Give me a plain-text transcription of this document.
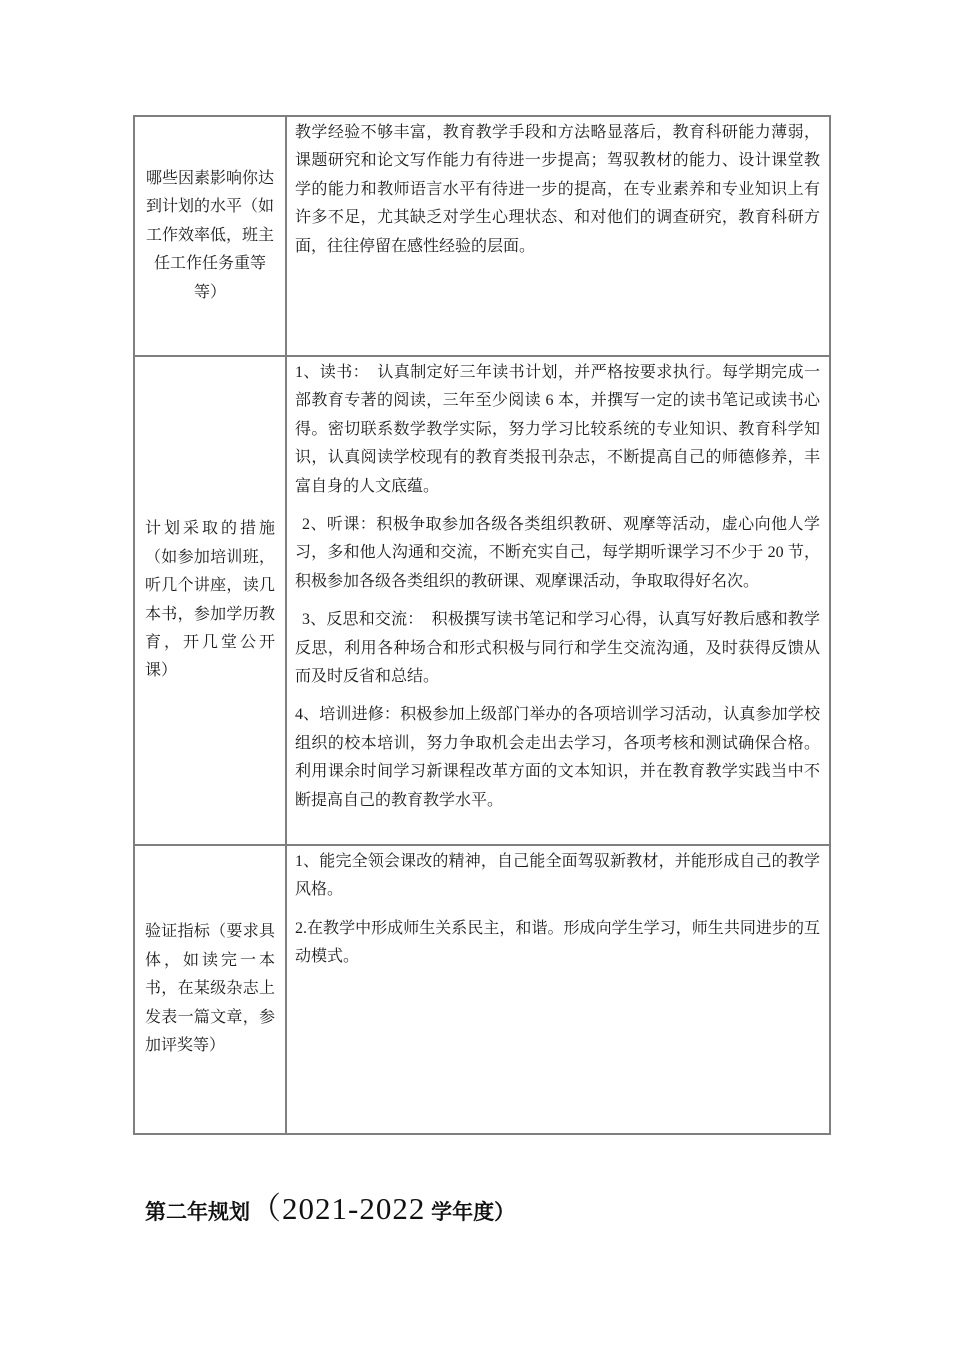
哪些因素影响你达到计划的水平（如工作效率低，班主任工作任务重等等）	教学经验不够丰富，教育教学手段和方法略显落后，教育科研能力薄弱，课题研究和论文写作能力有待进一步提高；驾驭教材的能力、设计课堂教学的能力和教师语言水平有待进一步的提高，在专业素养和专业知识上有许多不足，尤其缺乏对学生心理状态、和对他们的调查研究，教育科研方面，往往停留在感性经验的层面。

计划采取的措施（如参加培训班，听几个讲座，读几本书，参加学历教育，开几堂公开课）	1、读书：　认真制定好三年读书计划，并严格按要求执行。每学期完成一部教育专著的阅读，三年至少阅读 6 本，并撰写一定的读书笔记或读书心得。密切联系数学教学实际，努力学习比较系统的专业知识、教育科学知识，认真阅读学校现有的教育类报刊杂志，不断提高自己的师德修养，丰富自身的人文底蕴。

2、听课：积极争取参加各级各类组织教研、观摩等活动，虚心向他人学习，多和他人沟通和交流，不断充实自己，每学期听课学习不少于 20 节，积极参加各级各类组织的教研课、观摩课活动，争取取得好名次。

3、反思和交流：　积极撰写读书笔记和学习心得，认真写好教后感和教学反思，利用各种场合和形式积极与同行和学生交流沟通，及时获得反馈从而及时反省和总结。

4、培训进修：积极参加上级部门举办的各项培训学习活动，认真参加学校组织的校本培训，努力争取机会走出去学习，各项考核和测试确保合格。利用课余时间学习新课程改革方面的文本知识，并在教育教学实践当中不断提高自己的教育教学水平。

验证指标（要求具体，如读完一本书，在某级杂志上发表一篇文章，参加评奖等）	1、能完全领会课改的精神，自己能全面驾驭新教材，并能形成自己的教学风格。

2.在教学中形成师生关系民主，和谐。形成向学生学习，师生共同进步的互动模式。

第二年规划（2021-2022 学年度）
